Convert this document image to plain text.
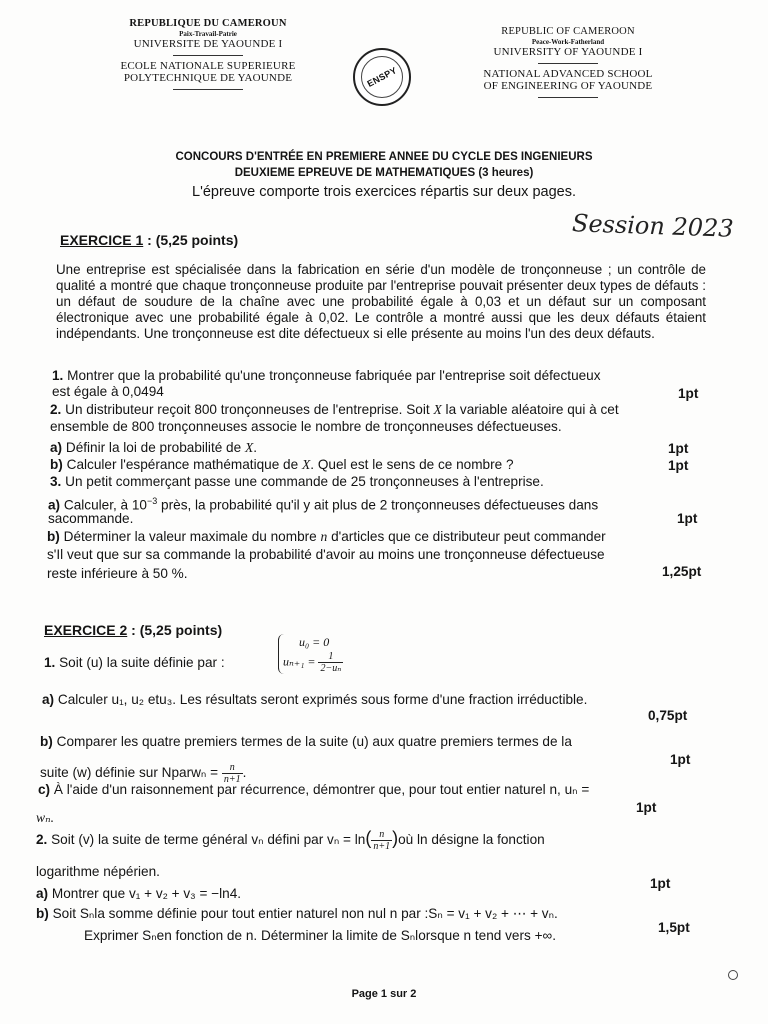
REPUBLIQUE DU CAMEROUN
Paix-Travail-Patrie
UNIVERSITE DE YAOUNDE I
ECOLE NATIONALE SUPERIEURE
POLYTECHNIQUE DE YAOUNDE	ENSPY
REPUBLIC OF CAMEROON
Peace-Work-Fatherland
UNIVERSITY OF YAOUNDE I
NATIONAL ADVANCED SCHOOL
OF ENGINEERING OF YAOUNDE
CONCOURS D'ENTRÉE EN PREMIERE ANNEE DU CYCLE DES INGENIEURS
DEUXIEME EPREUVE DE MATHEMATIQUES (3 heures)
L'épreuve comporte trois exercices répartis sur deux pages.
Session 2023
EXERCICE 1 : (5,25 points)
Une entreprise est spécialisée dans la fabrication en série d'un modèle de tronçonneuse ; un contrôle de qualité a montré que chaque tronçonneuse produite par l'entreprise pouvait présenter deux types de défauts : un défaut de soudure de la chaîne avec une probabilité égale à 0,03 et un défaut sur un composant électronique avec une probabilité égale à 0,02. Le contrôle a montré aussi que les deux défauts étaient indépendants. Une tronçonneuse est dite défectueux si elle présente au moins l'un des deux défauts.
1. Montrer que la probabilité qu'une tronçonneuse fabriquée par l'entreprise soit défectueux
est égale à 0,0494	1pt
2. Un distributeur reçoit 800 tronçonneuses de l'entreprise. Soit X la variable aléatoire qui à cet
ensemble de 800 tronçonneuses associe le nombre de tronçonneuses défectueuses.
a) Définir la loi de probabilité de X.	1pt
b) Calculer l'espérance mathématique de X. Quel est le sens de ce nombre ?	1pt
3. Un petit commerçant passe une commande de 25 tronçonneuses à l'entreprise.
a) Calculer, à $10^{-3}$ près, la probabilité qu'il y ait plus de 2 tronçonneuses défectueuses dans
sacommande.	1pt
b) Déterminer la valeur maximale du nombre n d'articles que ce distributeur peut commander
s'Il veut que sur sa commande la probabilité d'avoir au moins une tronçonneuse défectueuse
reste inférieure à 50 %.	1,25pt
EXERCICE 2 : (5,25 points)
1. Soit (u) la suite définie par :
u₀ = 0
$u_{n+1} = \frac{1}{\text{2−uₙ}}$
a) Calculer u₁, u₂ etu₃. Les résultats seront exprimés sous forme d'une fraction irréductible.
0,75pt
b) Comparer les quatre premiers termes de la suite (u) aux quatre premiers termes de la
1pt
suite (w) définie sur Nparwₙ = $\frac{n}{n+1}$ .
c) À l'aide d'un raisonnement par récurrence, démontrer que, pour tout entier naturel n, uₙ =
1pt
wₙ.
2. Soit (v) la suite de terme général vₙ défini par $v_n = \ln( \frac{n}{n+1}$ )où ln désigne la fonction
logarithme népérien.
1pt
a) Montrer que v₁ + v₂ + v₃ = −ln4.
b) Soit Sₙla somme définie pour tout entier naturel non nul n par :Sₙ = v₁ + v₂ + ⋯ + vₙ.
Exprimer Sₙen fonction de n. Déterminer la limite de Sₙlorsque n tend vers +∞.
1,5pt
Page 1 sur 2
